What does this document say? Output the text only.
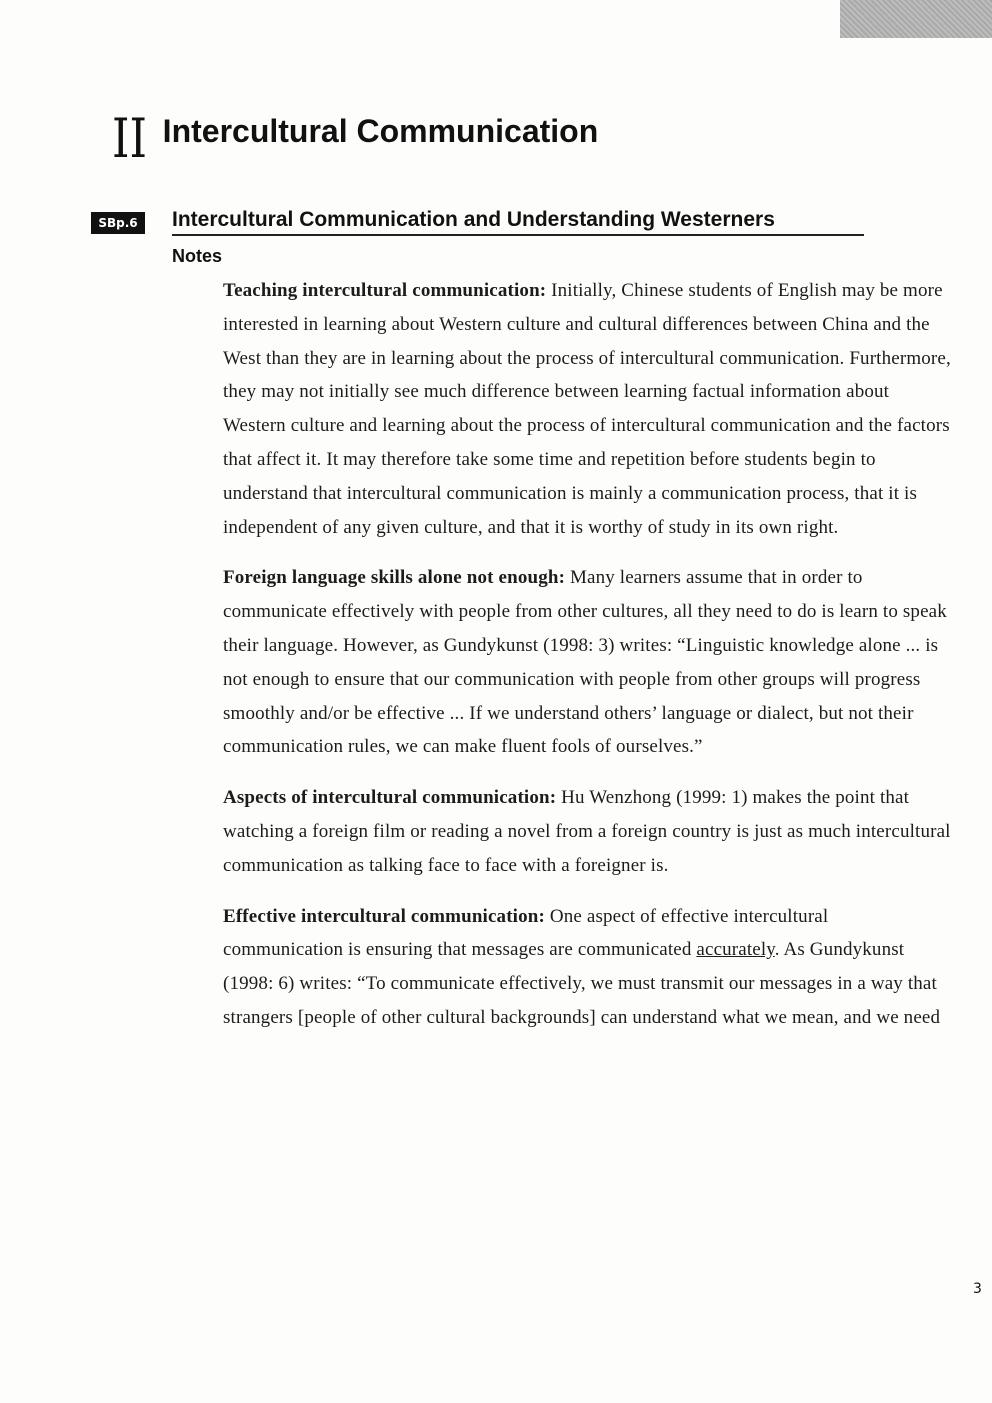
II Intercultural Communication
SBp.6	Intercultural Communication and Understanding Westerners
Notes

Teaching intercultural communication: Initially, Chinese students of English may be more interested in learning about Western culture and cultural differences between China and the West than they are in learning about the process of intercultural communication. Furthermore, they may not initially see much difference between learning factual information about Western culture and learning about the process of intercultural communication and the factors that affect it. It may therefore take some time and repetition before students begin to understand that intercultural communication is mainly a communication process, that it is independent of any given culture, and that it is worthy of study in its own right.

Foreign language skills alone not enough: Many learners assume that in order to communicate effectively with people from other cultures, all they need to do is learn to speak their language. However, as Gundykunst (1998: 3) writes: “Linguistic knowledge alone ... is not enough to ensure that our communication with people from other groups will progress smoothly and/or be effective ... If we understand others’ language or dialect, but not their communication rules, we can make fluent fools of ourselves.”

Aspects of intercultural communication: Hu Wenzhong (1999: 1) makes the point that watching a foreign film or reading a novel from a foreign country is just as much intercultural communication as talking face to face with a foreigner is.

Effective intercultural communication: One aspect of effective intercultural communication is ensuring that messages are communicated accurately. As Gundykunst (1998: 6) writes: “To communicate effectively, we must transmit our messages in a way that strangers [people of other cultural backgrounds] can understand what we mean, and we need

3
